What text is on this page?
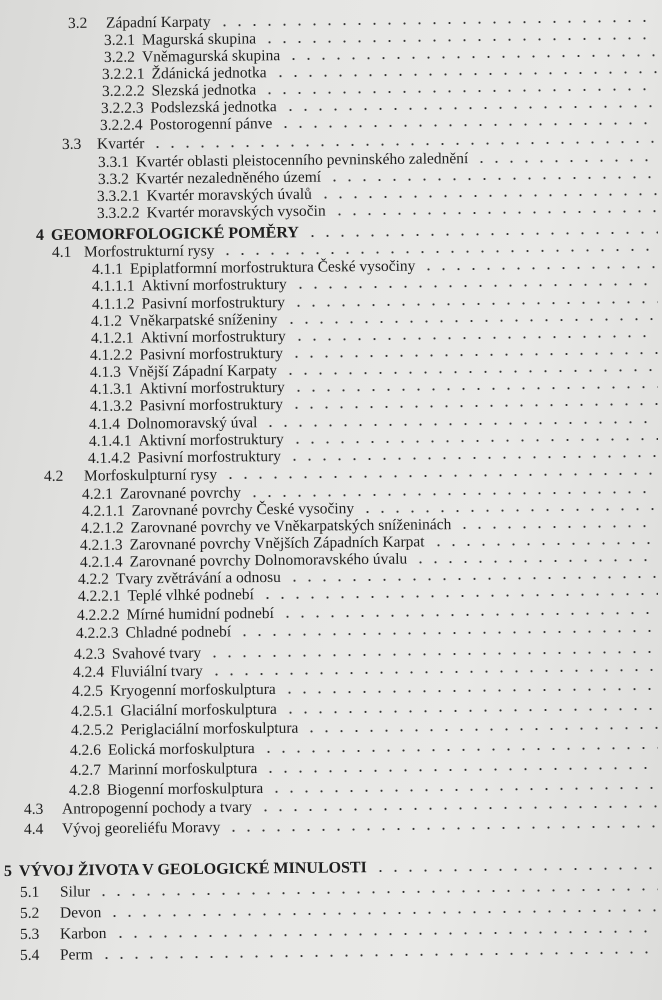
3.2	Západní Karpaty
3.2.1 Magurská skupina
3.2.2 Vněmagurská skupina
3.2.2.1 Ždánická jednotka
3.2.2.2 Slezská jednotka
3.2.2.3 Podslezská jednotka
3.2.2.4 Postorogenní pánve
3.3 Kvartér
3.3.1 Kvartér oblasti pleistocenního pevninského zalednění
3.3.2 Kvartér nezaledněného území
3.3.2.1 Kvartér moravských úvalů
3.3.2.2 Kvartér moravských vysočin
4 GEOMORFOLOGICKÉ POMĚRY
4.1 Morfostrukturní rysy
4.1.1 Epiplatformní morfostruktura České vysočiny
4.1.1.1 Aktivní morfostruktury
4.1.1.2 Pasivní morfostruktury
4.1.2 Vněkarpatské sníženiny
4.1.2.1 Aktivní morfostruktury
4.1.2.2 Pasivní morfostruktury
4.1.3 Vnější Západní Karpaty
4.1.3.1 Aktivní morfostruktury
4.1.3.2 Pasivní morfostruktury
4.1.4 Dolnomoravský úval
4.1.4.1 Aktivní morfostruktury
4.1.4.2 Pasivní morfostruktury
4.2	Morfoskulpturní rysy
4.2.1 Zarovnané povrchy
4.2.1.1 Zarovnané povrchy České vysočiny
4.2.1.2 Zarovnané povrchy ve Vněkarpatských sníženinách
4.2.1.3 Zarovnané povrchy Vnějších Západních Karpat
4.2.1.4 Zarovnané povrchy Dolnomoravského úvalu
4.2.2 Tvary zvětrávání a odnosu
4.2.2.1 Teplé vlhké podnebí
4.2.2.2 Mírné humidní podnebí
4.2.2.3 Chladné podnebí
4.2.3 Svahové tvary
4.2.4 Fluviální tvary
4.2.5 Kryogenní morfoskulptura
4.2.5.1 Glaciální morfoskulptura
4.2.5.2 Periglaciální morfoskulptura
4.2.6 Eolická morfoskulptura
4.2.7 Marinní morfoskulptura
4.2.8 Biogenní morfoskulptura
4.3	Antropogenní pochody a tvary
4.4	Vývoj georeliéfu Moravy
5 VÝVOJ ŽIVOTA V GEOLOGICKÉ MINULOSTI
5.1	Silur
5.2	Devon
5.3	Karbon
5.4	Perm
